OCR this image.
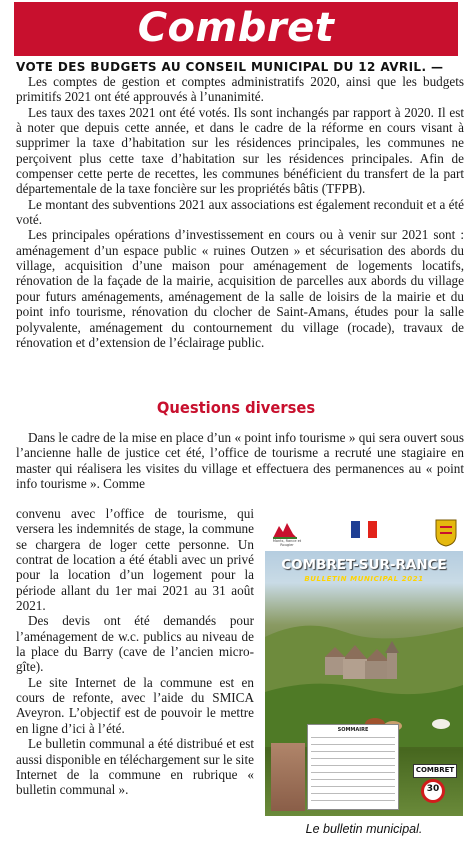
Combret
VOTE DES BUDGETS AU CONSEIL MUNICIPAL DU 12 AVRIL. —

Les comptes de gestion et comptes administratifs 2020, ainsi que les budgets primitifs 2021 ont été approuvés à l’unanimité.

Les taux des taxes 2021 ont été votés. Ils sont inchangés par rapport à 2020. Il est à noter que depuis cette année, et dans le cadre de la réforme en cours visant à supprimer la taxe d’habitation sur les résidences principales, les communes ne perçoivent plus cette taxe d’habitation sur les résidences principales. Afin de compenser cette perte de recettes, les communes bénéficient du transfert de la part départementale de la taxe foncière sur les propriétés bâtis (TFPB).

Le montant des subventions 2021 aux associations est également reconduit et a été voté.

Les principales opérations d’investissement en cours ou à venir sur 2021 sont : aménagement d’un espace public « ruines Outzen » et sécurisation des abords du village, acquisition d’une maison pour aménagement de logements locatifs, rénovation de la façade de la mairie, acquisition de parcelles aux abords du village pour futurs aménagements, aménagement de la salle de loisirs de la mairie et du point info tourisme, rénovation du clocher de Saint-Amans, études pour la salle polyvalente, aménagement du contournement du village (rocade), travaux de rénovation et d’extension de l’éclairage public.

Questions diverses

Dans le cadre de la mise en place d’un « point info tourisme » qui sera ouvert sous l’ancienne halle de justice cet été, l’office de tourisme a recruté une stagiaire en master qui réalisera les visites du village et effectuera des permanences au « point info tourisme ». Comme

convenu avec l’office de tourisme, qui versera les indemnités de stage, la commune se chargera de loger cette personne. Un contrat de location a été établi avec un privé pour la location d’un logement pour la période allant du 1er mai 2021 au 31 août 2021.

Des devis ont été demandés pour l’aménagement de w.c. publics au niveau de la place du Barry (cave de l’ancien micro-gîte).

Le site Internet de la commune est en cours de refonte, avec l’aide du SMICA Aveyron. L’objectif est de pouvoir le mettre en ligne d’ici à l’été.

Le bulletin communal a été distribué et est aussi disponible en téléchargement sur le site Internet de la commune en rubrique « bulletin communal ».

Monts, Rance et Rougier
COMBRET-SUR-RANCE
BULLETIN MUNICIPAL 2021
SOMMAIRE
COMBRET
30
Le bulletin municipal.
